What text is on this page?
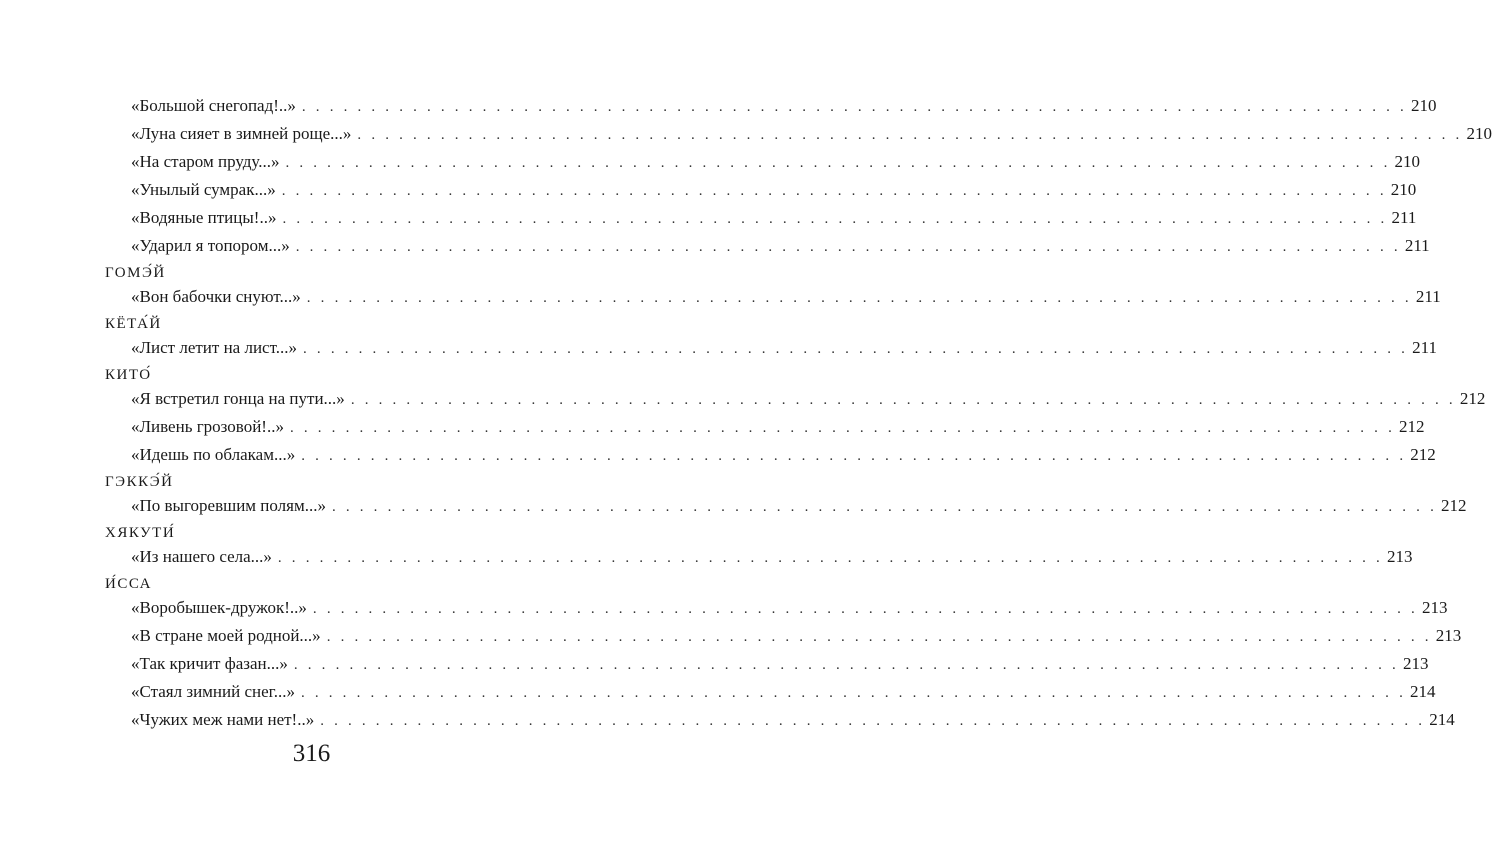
«Большой снегопад!..» . . . . . . . . . . . . . . . . . . . . . . . . . . . . . . . . . . . . . . . . . . . . . . . . . . . . . . . . . . . . . . . . . . . . . . . . . . . . . . . . 210
«Луна сияет в зимней роще...» . . . . . . . . . . . . . . . . . . . . . . . . . . . . . . . . . . . . . . . . . . . . . . . . . . . . . . . . . . . . . . . . . . . . . . . . . . . . . . . . 210
«На старом пруду...» . . . . . . . . . . . . . . . . . . . . . . . . . . . . . . . . . . . . . . . . . . . . . . . . . . . . . . . . . . . . . . . . . . . . . . . . . . . . . . . . 210
«Унылый сумрак...» . . . . . . . . . . . . . . . . . . . . . . . . . . . . . . . . . . . . . . . . . . . . . . . . . . . . . . . . . . . . . . . . . . . . . . . . . . . . . . . . 210
«Водяные птицы!..» . . . . . . . . . . . . . . . . . . . . . . . . . . . . . . . . . . . . . . . . . . . . . . . . . . . . . . . . . . . . . . . . . . . . . . . . . . . . . . . . 211
«Ударил я топором...» . . . . . . . . . . . . . . . . . . . . . . . . . . . . . . . . . . . . . . . . . . . . . . . . . . . . . . . . . . . . . . . . . . . . . . . . . . . . . . . . 211
ГОМЭ́Й
«Вон бабочки снуют...» . . . . . . . . . . . . . . . . . . . . . . . . . . . . . . . . . . . . . . . . . . . . . . . . . . . . . . . . . . . . . . . . . . . . . . . . . . . . . . . . 211
КЁТА́Й
«Лист летит на лист...» . . . . . . . . . . . . . . . . . . . . . . . . . . . . . . . . . . . . . . . . . . . . . . . . . . . . . . . . . . . . . . . . . . . . . . . . . . . . . . . . 211
КИТО́
«Я встретил гонца на пути...» . . . . . . . . . . . . . . . . . . . . . . . . . . . . . . . . . . . . . . . . . . . . . . . . . . . . . . . . . . . . . . . . . . . . . . . . . . . . . . . . 212
«Ливень грозовой!..» . . . . . . . . . . . . . . . . . . . . . . . . . . . . . . . . . . . . . . . . . . . . . . . . . . . . . . . . . . . . . . . . . . . . . . . . . . . . . . . . 212
«Идешь по облакам...» . . . . . . . . . . . . . . . . . . . . . . . . . . . . . . . . . . . . . . . . . . . . . . . . . . . . . . . . . . . . . . . . . . . . . . . . . . . . . . . . 212
ГЭККЭ́Й
«По выгоревшим полям...» . . . . . . . . . . . . . . . . . . . . . . . . . . . . . . . . . . . . . . . . . . . . . . . . . . . . . . . . . . . . . . . . . . . . . . . . . . . . . . . . 212
ХЯКУТИ́
«Из нашего села...» . . . . . . . . . . . . . . . . . . . . . . . . . . . . . . . . . . . . . . . . . . . . . . . . . . . . . . . . . . . . . . . . . . . . . . . . . . . . . . . . 213
И́ССА
«Воробышек-дружок!..» . . . . . . . . . . . . . . . . . . . . . . . . . . . . . . . . . . . . . . . . . . . . . . . . . . . . . . . . . . . . . . . . . . . . . . . . . . . . . . . . 213
«В стране моей родной...» . . . . . . . . . . . . . . . . . . . . . . . . . . . . . . . . . . . . . . . . . . . . . . . . . . . . . . . . . . . . . . . . . . . . . . . . . . . . . . . . 213
«Так кричит фазан...» . . . . . . . . . . . . . . . . . . . . . . . . . . . . . . . . . . . . . . . . . . . . . . . . . . . . . . . . . . . . . . . . . . . . . . . . . . . . . . . . 213
«Стаял зимний снег...» . . . . . . . . . . . . . . . . . . . . . . . . . . . . . . . . . . . . . . . . . . . . . . . . . . . . . . . . . . . . . . . . . . . . . . . . . . . . . . . . 214
«Чужих меж нами нет!..» . . . . . . . . . . . . . . . . . . . . . . . . . . . . . . . . . . . . . . . . . . . . . . . . . . . . . . . . . . . . . . . . . . . . . . . . . . . . . . . . 214
316
